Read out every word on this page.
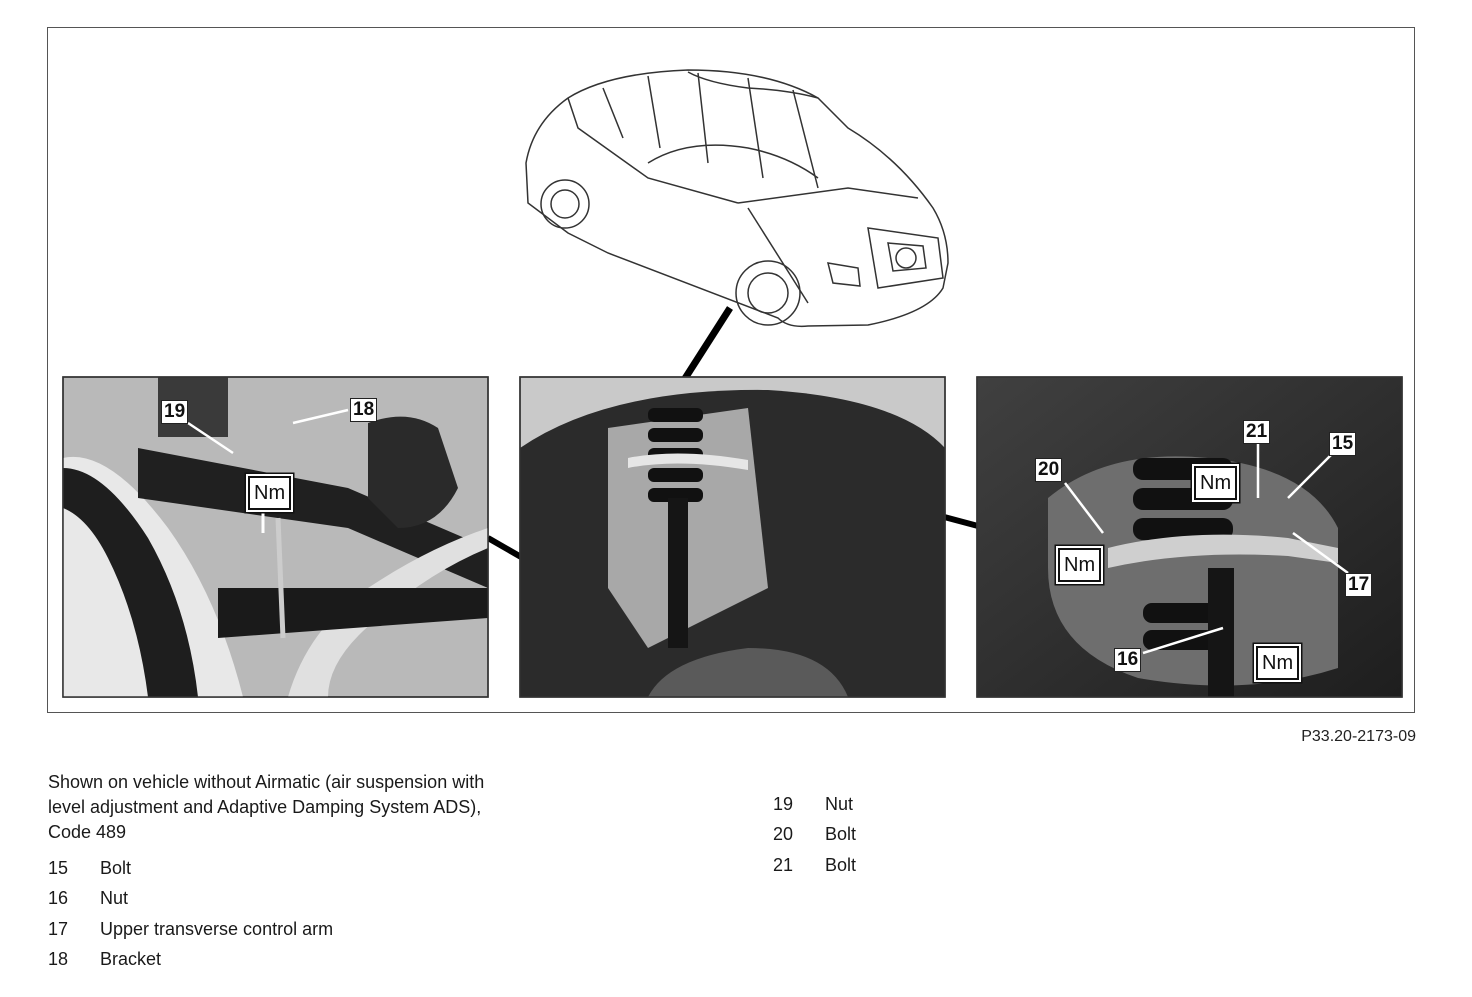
19	18
21
15
20
17
16
Nm	Nm
Nm
Nm
P33.20-2173-09
Shown on vehicle without Airmatic (air suspension with
level adjustment and Adaptive Damping System ADS),
Code 489
15	Bolt
16	Nut
17	Upper transverse control arm
18	Bracket
19	Nut
20	Bolt
21	Bolt
